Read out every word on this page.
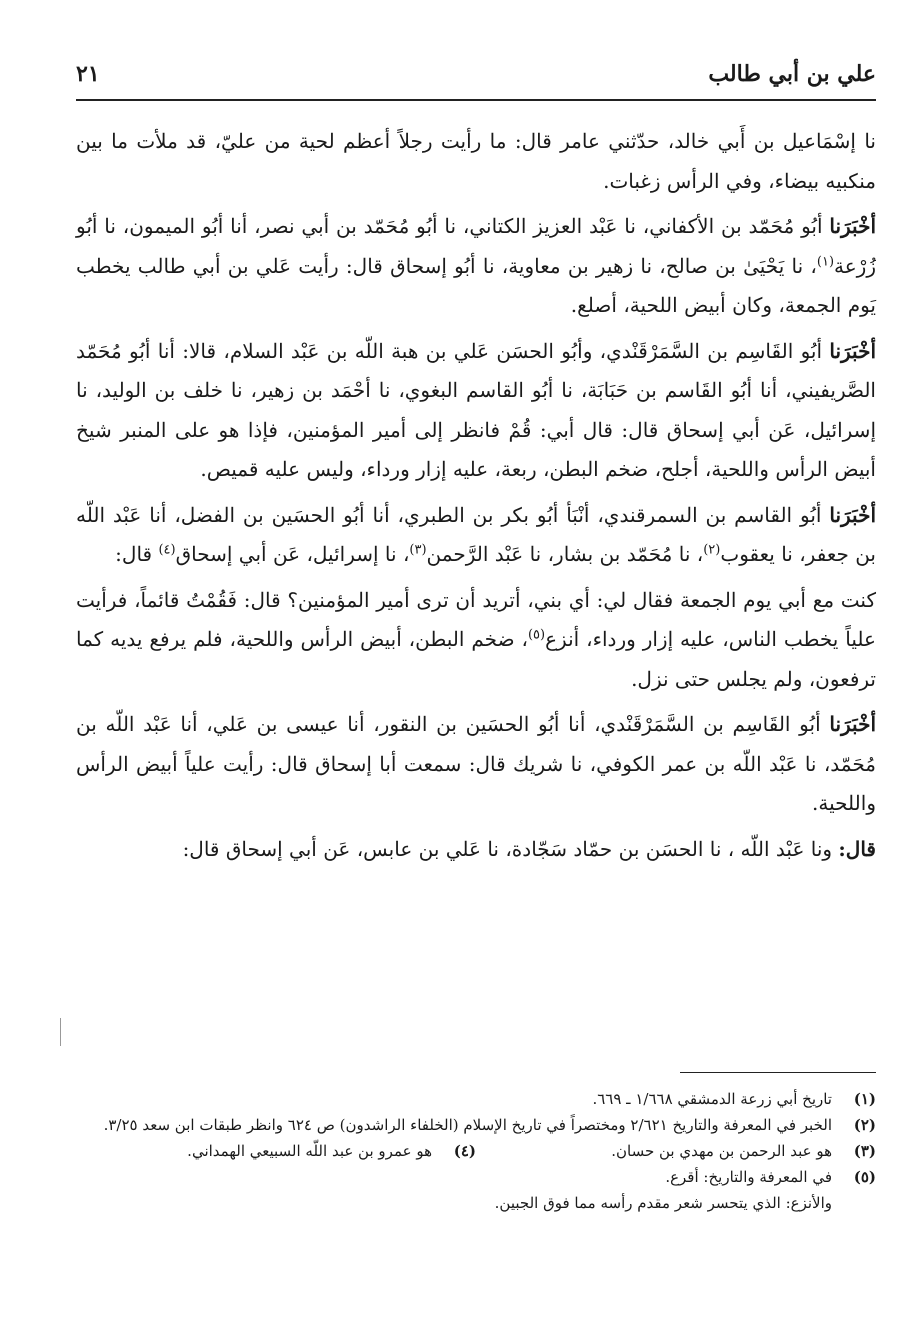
علي بن أبي طالب
٢١

نا إسْمَاعيل بن أَبي خالد، حدّثني عامر قال: ما رأيت رجلاً أعظم لحية من عليّ، قد ملأت ما بين منكبيه بيضاء، وفي الرأس زغبات.

أخْبَرَنا أبُو مُحَمّد بن الأكفاني، نا عَبْد العزيز الكتاني، نا أبُو مُحَمّد بن أبي نصر، أنا أبُو الميمون، نا أبُو زُرْعة$^{(١)}$، نا يَحْيَىٰ بن صالح، نا زهير بن معاوية، نا أبُو إسحاق قال: رأيت عَلي بن أبي طالب يخطب يَوم الجمعة، وكان أبيض اللحية، أصلع.

أخْبَرَنا أبُو القَاسِم بن السَّمَرْقَنْدي، وأبُو الحسَن عَلي بن هبة اللّه بن عَبْد السلام، قالا: أنا أبُو مُحَمّد الصَّريفيني، أنا أبُو القَاسم بن حَبَابَة، نا أبُو القاسم البغوي، نا أحْمَد بن زهير، نا خلف بن الوليد، نا إسرائيل، عَن أبي إسحاق قال: قال أبي: قُمْ فانظر إلى أمير المؤمنين، فإذا هو على المنبر شيخ أبيض الرأس واللحية، أجلح، ضخم البطن، ربعة، عليه إزار ورداء، وليس عليه قميص.

أخْبَرَنا أبُو القاسم بن السمرقندي، أنْبَأ أبُو بكر بن الطبري، أنا أبُو الحسَين بن الفضل، أنا عَبْد اللّه بن جعفر، نا يعقوب$^{(٢)}$، نا مُحَمّد بن بشار، نا عَبْد الرَّحمن$^{(٣)}$، نا إسرائيل، عَن أبي إسحاق$^{(٤)}$ قال:

كنت مع أبي يوم الجمعة فقال لي: أي بني، أتريد أن ترى أمير المؤمنين؟ قال: فَقُمْتُ قائماً، فرأيت علياً يخطب الناس، عليه إزار ورداء، أنزع$^{(٥)}$، ضخم البطن، أبيض الرأس واللحية، فلم يرفع يديه كما ترفعون، ولم يجلس حتى نزل.

أخْبَرَنا أبُو القَاسِم بن السَّمَرْقَنْدي، أنا أبُو الحسَين بن النقور، أنا عيسى بن عَلي، أنا عَبْد اللّه بن مُحَمّد، نا عَبْد اللّه بن عمر الكوفي، نا شريك قال: سمعت أبا إسحاق قال: رأيت علياً أبيض الرأس واللحية.

قال: ونا عَبْد اللّه ، نا الحسَن بن حمّاد سَجّادة، نا عَلي بن عابس، عَن أبي إسحاق قال:

(١)
تاريخ أبي زرعة الدمشقي ١/٦٦٨ ـ ٦٦٩.
(٢)
الخبر في المعرفة والتاريخ ٢/٦٢١ ومختصراً في تاريخ الإسلام (الخلفاء الراشدون) ص ٦٢٤ وانظر طبقات ابن سعد ٣/٢٥.
(٣)
هو عبد الرحمن بن مهدي بن حسان.
(٤)
هو عمرو بن عبد اللّه السبيعي الهمداني.
(٥)
في المعرفة والتاريخ: أقرع.
والأنزع: الذي يتحسر شعر مقدم رأسه مما فوق الجبين.
